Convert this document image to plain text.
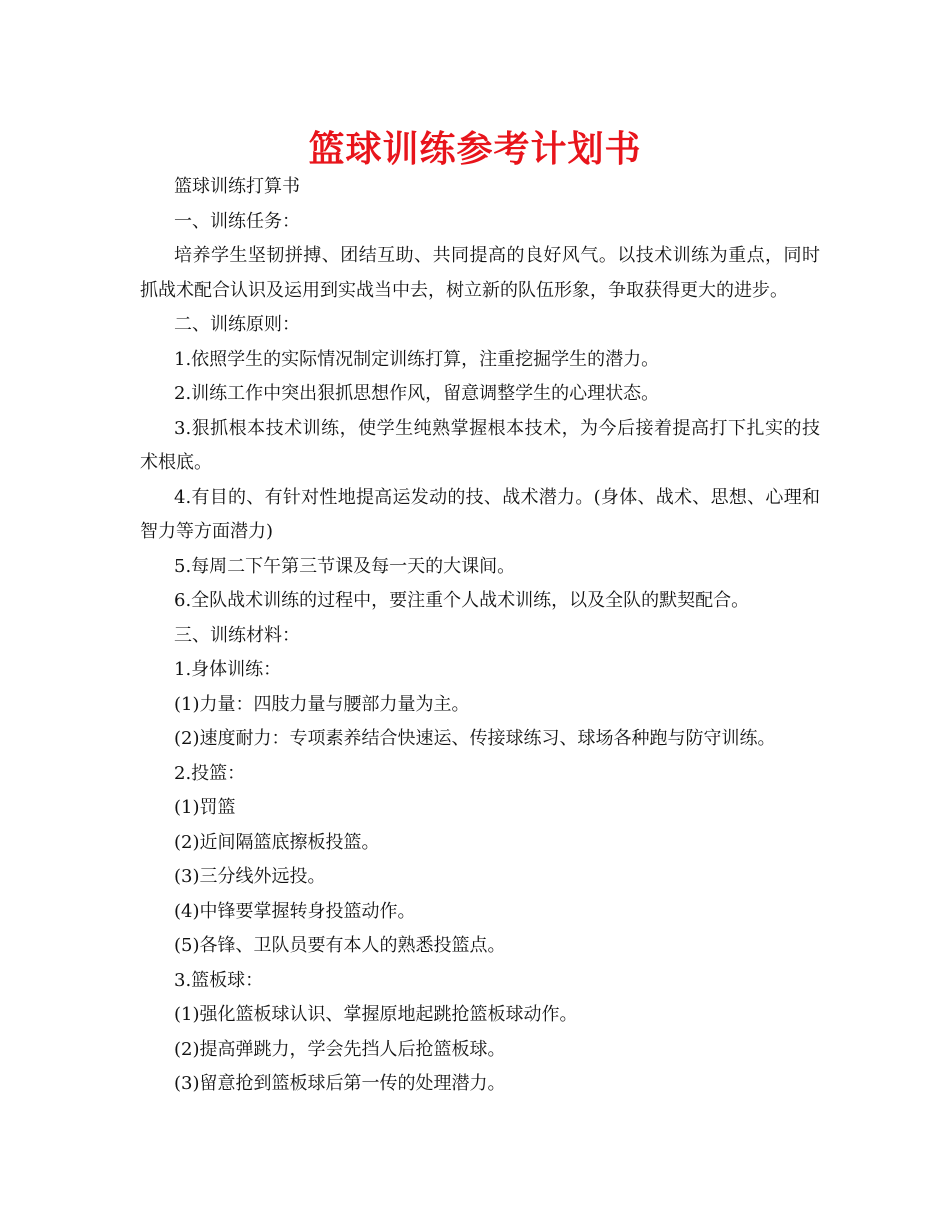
篮球训练参考计划书

篮球训练打算书

一、训练任务：

培养学生坚韧拼搏、团结互助、共同提高的良好风气。以技术训练为重点，同时抓战术配合认识及运用到实战当中去，树立新的队伍形象，争取获得更大的进步。

二、训练原则：

1.依照学生的实际情况制定训练打算，注重挖掘学生的潜力。

2.训练工作中突出狠抓思想作风，留意调整学生的心理状态。

3.狠抓根本技术训练，使学生纯熟掌握根本技术，为今后接着提高打下扎实的技术根底。

4.有目的、有针对性地提高运发动的技、战术潜力。(身体、战术、思想、心理和智力等方面潜力)

5.每周二下午第三节课及每一天的大课间。

6.全队战术训练的过程中，要注重个人战术训练，以及全队的默契配合。

三、训练材料：

1.身体训练：

(1)力量：四肢力量与腰部力量为主。

(2)速度耐力：专项素养结合快速运、传接球练习、球场各种跑与防守训练。

2.投篮：

(1)罚篮

(2)近间隔篮底擦板投篮。

(3)三分线外远投。

(4)中锋要掌握转身投篮动作。

(5)各锋、卫队员要有本人的熟悉投篮点。

3.篮板球：

(1)强化篮板球认识、掌握原地起跳抢篮板球动作。

(2)提高弹跳力，学会先挡人后抢篮板球。

(3)留意抢到篮板球后第一传的处理潜力。
